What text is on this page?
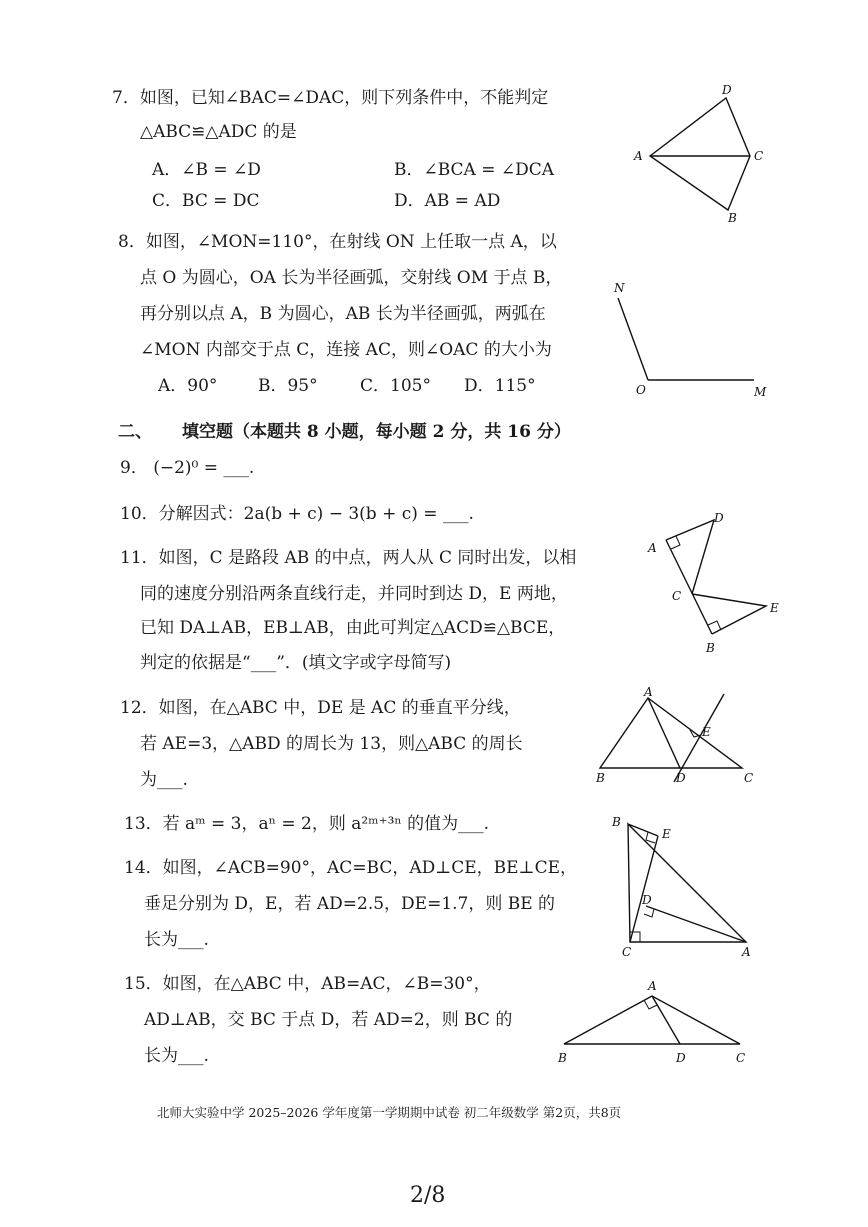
7．如图，已知∠BAC=∠DAC，则下列条件中，不能判定
△ABC≌△ADC 的是
A．∠B = ∠D	B．∠BCA = ∠DCA
C．BC = DC	D．AB = AD
A
D
C
B
8．如图，∠MON=110°，在射线 ON 上任取一点 A，以
点 O 为圆心，OA 长为半径画弧，交射线 OM 于点 B，
再分别以点 A，B 为圆心，AB 长为半径画弧，两弧在
∠MON 内部交于点 C，连接 AC，则∠OAC 的大小为
A．90° B．95° C．105° D．115°
N
O	M
二、 填空题（本题共 8 小题，每小题 2 分，共 16 分）
9． (−2)⁰ = ___.
10．分解因式：2a(b + c) − 3(b + c) = ___.
11．如图，C 是路段 AB 的中点，两人从 C 同时出发，以相
同的速度分别沿两条直线行走，并同时到达 D，E 两地，
已知 DA⊥AB，EB⊥AB，由此可判定△ACD≌△BCE，
判定的依据是“___”．(填文字或字母简写)
A
D
C
E
B
12．如图，在△ABC 中，DE 是 AC 的垂直平分线，
若 AE=3，△ABD 的周长为 13，则△ABC 的周长
为___.
A
E
B	D	C
13．若 aᵐ = 3，aⁿ = 2，则 a²ᵐ⁺³ⁿ 的值为___.
14．如图，∠ACB=90°，AC=BC，AD⊥CE，BE⊥CE，
垂足分别为 D，E，若 AD=2.5，DE=1.7，则 BE 的
长为___.
B
E
D
C	A
15．如图，在△ABC 中，AB=AC，∠B=30°，
AD⊥AB，交 BC 于点 D，若 AD=2，则 BC 的
长为___.
A
B	D	C
北师大实验中学 2025–2026 学年度第一学期期中试卷 初二年级数学 第2页，共8页
2/8
